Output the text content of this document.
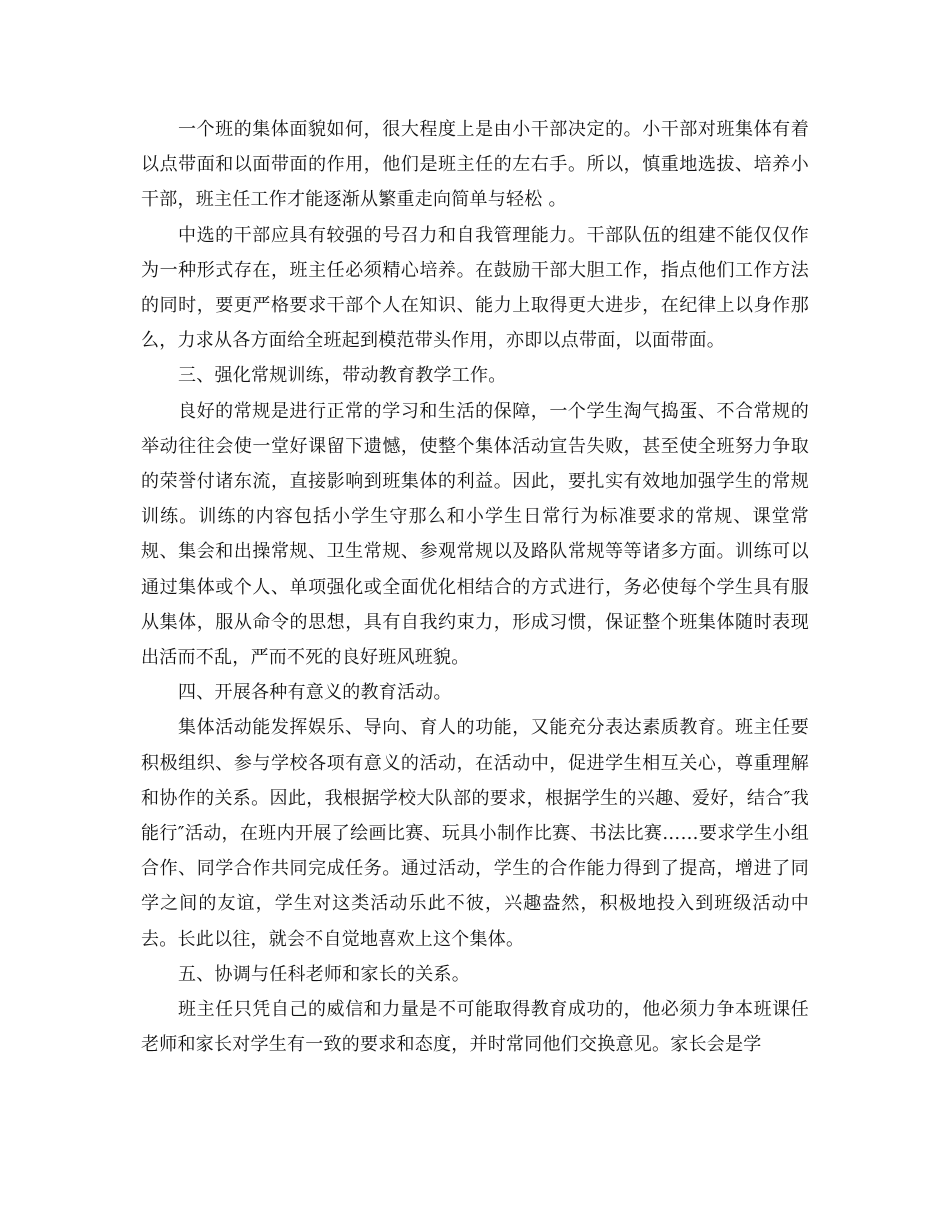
一个班的集体面貌如何，很大程度上是由小干部决定的。小干部对班集体有着以点带面和以面带面的作用，他们是班主任的左右手。所以，慎重地选拔、培养小干部，班主任工作才能逐渐从繁重走向简单与轻松 。

中选的干部应具有较强的号召力和自我管理能力。干部队伍的组建不能仅仅作为一种形式存在，班主任必须精心培养。在鼓励干部大胆工作，指点他们工作方法的同时，要更严格要求干部个人在知识、能力上取得更大进步，在纪律上以身作那么，力求从各方面给全班起到模范带头作用，亦即以点带面，以面带面。

三、强化常规训练，带动教育教学工作。

良好的常规是进行正常的学习和生活的保障，一个学生淘气捣蛋、不合常规的举动往往会使一堂好课留下遗憾，使整个集体活动宣告失败，甚至使全班努力争取的荣誉付诸东流，直接影响到班集体的利益。因此，要扎实有效地加强学生的常规训练。训练的内容包括小学生守那么和小学生日常行为标准要求的常规、课堂常规、集会和出操常规、卫生常规、参观常规以及路队常规等等诸多方面。训练可以通过集体或个人、单项强化或全面优化相结合的方式进行，务必使每个学生具有服从集体，服从命令的思想，具有自我约束力，形成习惯，保证整个班集体随时表现出活而不乱，严而不死的良好班风班貌。

四、开展各种有意义的教育活动。

集体活动能发挥娱乐、导向、育人的功能，又能充分表达素质教育。班主任要积极组织、参与学校各项有意义的活动，在活动中，促进学生相互关心，尊重理解和协作的关系。因此，我根据学校大队部的要求，根据学生的兴趣、爱好，结合″我能行″活动，在班内开展了绘画比赛、玩具小制作比赛、书法比赛……要求学生小组合作、同学合作共同完成任务。通过活动，学生的合作能力得到了提高，增进了同学之间的友谊，学生对这类活动乐此不彼，兴趣盎然，积极地投入到班级活动中去。长此以往，就会不自觉地喜欢上这个集体。

五、协调与任科老师和家长的关系。

班主任只凭自己的威信和力量是不可能取得教育成功的，他必须力争本班课任老师和家长对学生有一致的要求和态度，并时常同他们交换意见。家长会是学
